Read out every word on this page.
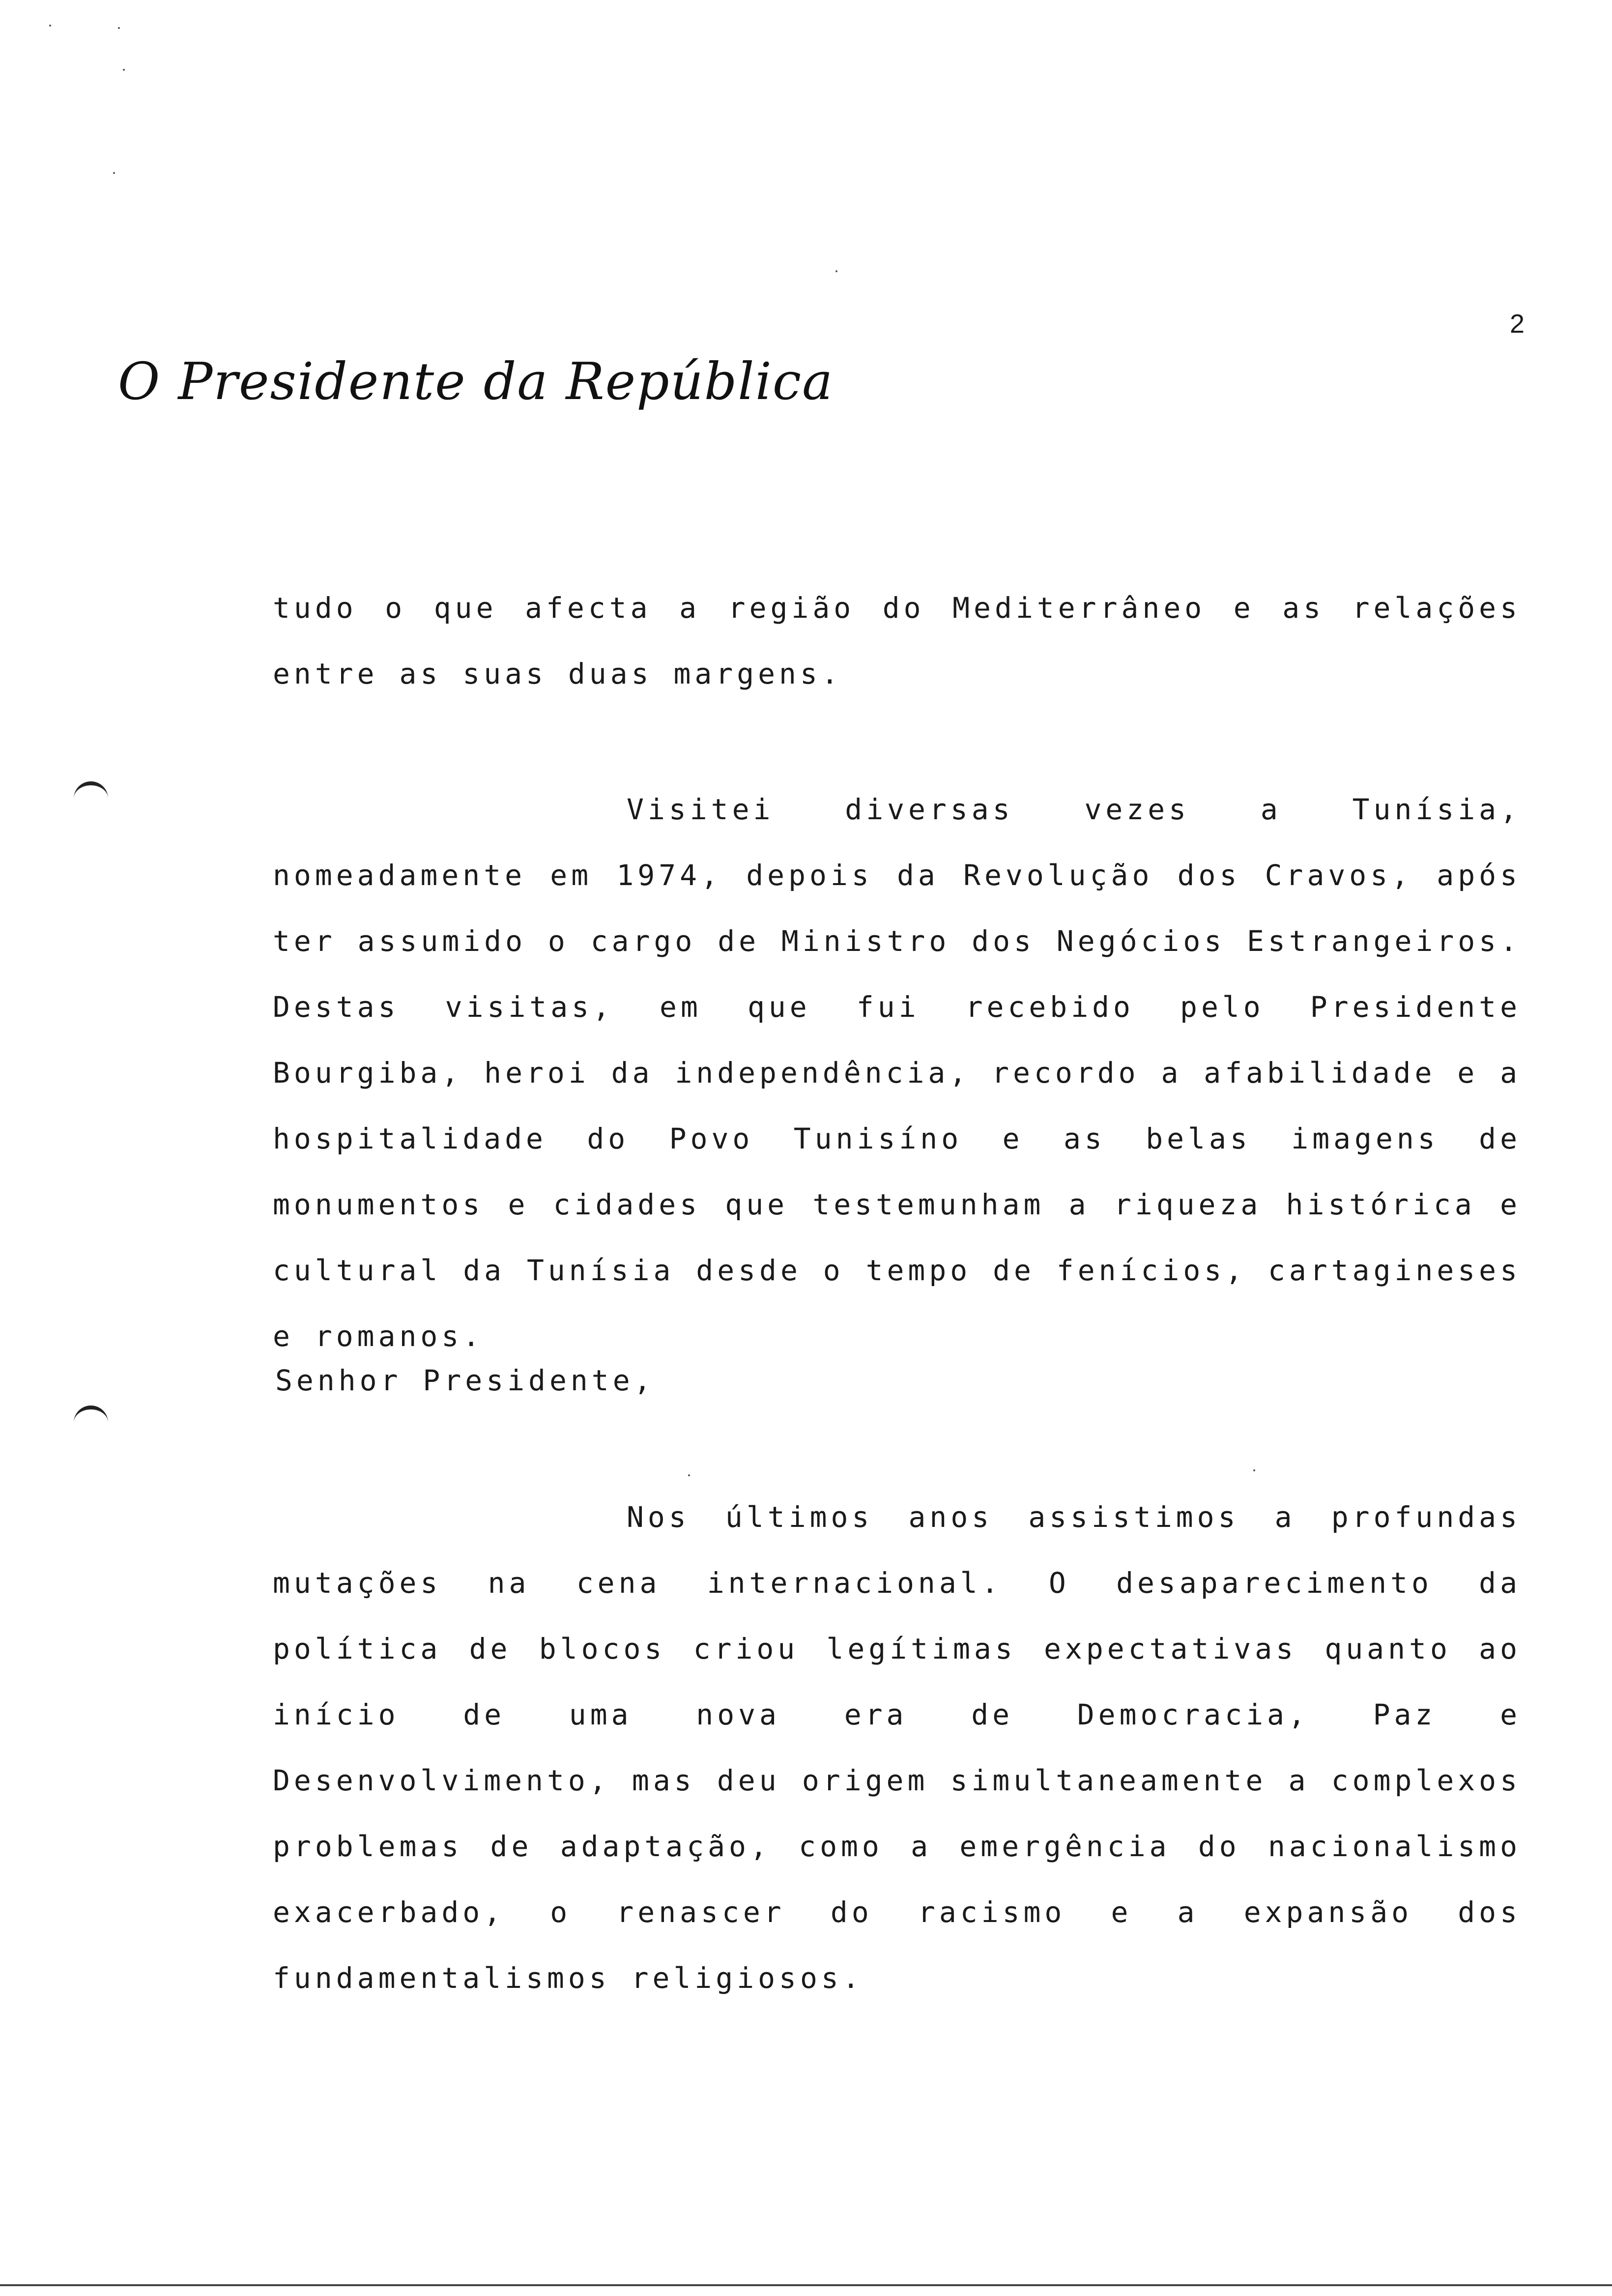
2
O Presidente da República
tudo o que afecta a região do Mediterrâneo e as relações entre as suas duas margens.
Visitei diversas vezes a Tunísia, nomeadamente em 1974, depois da Revolução dos Cravos, após ter assumido o cargo de Ministro dos Negócios Estrangeiros. Destas visitas, em que fui recebido pelo Presidente Bourgiba, heroi da independência, recordo a afabilidade e a hospitalidade do Povo Tunisíno e as belas imagens de monumentos e cidades que testemunham a riqueza histórica e cultural da Tunísia desde o tempo de fenícios, cartagineses e romanos.
Senhor Presidente,
Nos últimos anos assistimos a profundas mutações na cena internacional. O desaparecimento da política de blocos criou legítimas expectativas quanto ao início de uma nova era de Democracia, Paz e Desenvolvimento, mas deu origem simultaneamente a complexos problemas de adaptação, como a emergência do nacionalismo exacerbado, o renascer do racismo e a expansão dos fundamentalismos religiosos.
